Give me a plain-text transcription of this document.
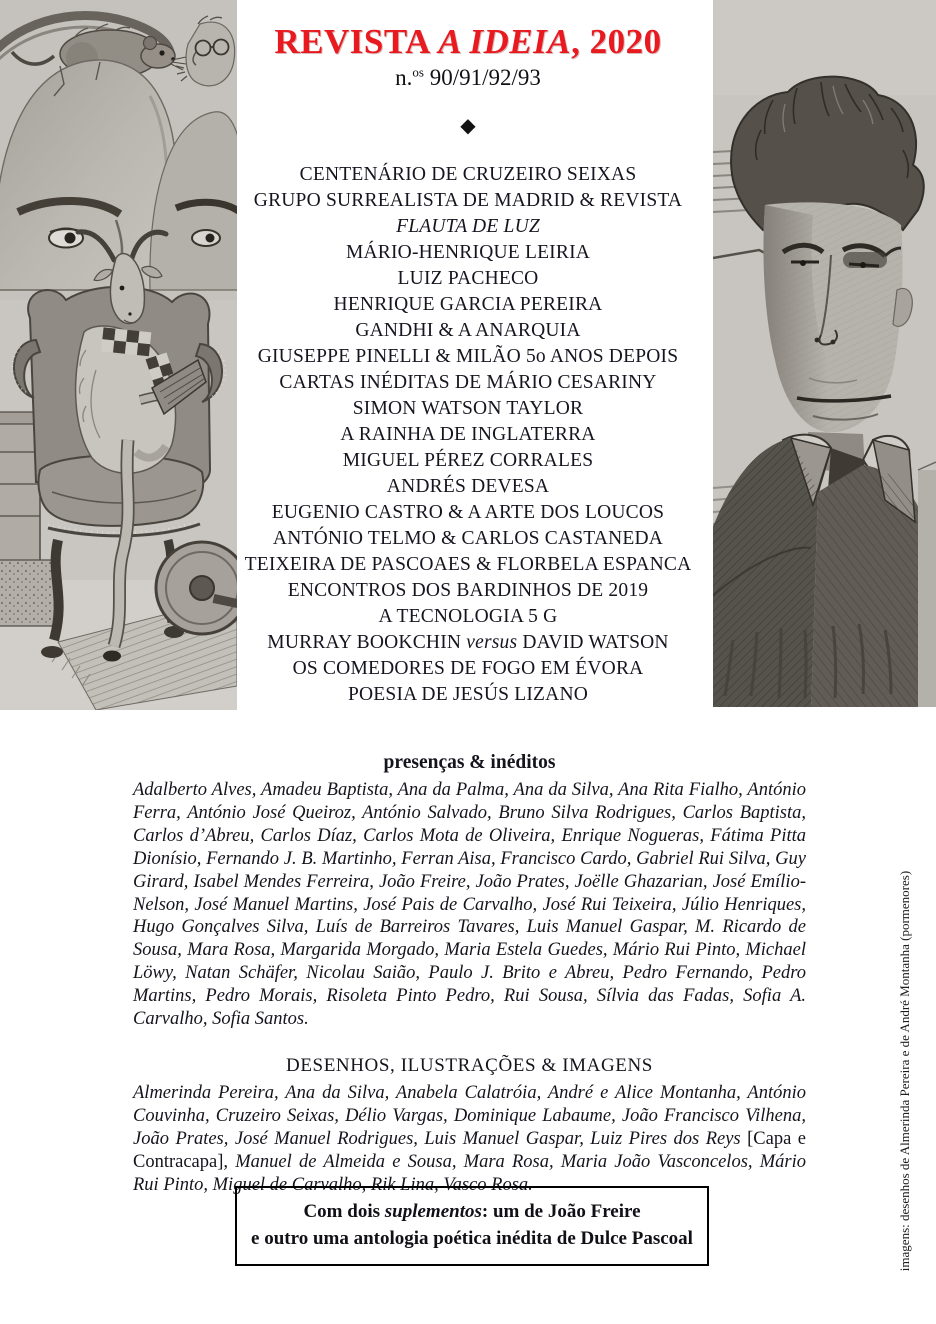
REVISTA A IDEIA, 2020
n.$^{os}$ 90/91/92/93
◆
CENTENÁRIO DE CRUZEIRO SEIXAS
GRUPO SURREALISTA DE MADRID & REVISTA
FLAUTA DE LUZ
MÁRIO-HENRIQUE LEIRIA
LUIZ PACHECO
HENRIQUE GARCIA PEREIRA
GANDHI & A ANARQUIA
GIUSEPPE PINELLI & MILÃO 5o ANOS DEPOIS
CARTAS INÉDITAS DE MÁRIO CESARINY
SIMON WATSON TAYLOR
A RAINHA DE INGLATERRA
MIGUEL PÉREZ CORRALES
ANDRÉS DEVESA
EUGENIO CASTRO & A ARTE DOS LOUCOS
ANTÓNIO TELMO & CARLOS CASTANEDA
TEIXEIRA DE PASCOAES & FLORBELA ESPANCA
ENCONTROS DOS BARDINHOS DE 2019
A TECNOLOGIA 5 G
MURRAY BOOKCHIN versus DAVID WATSON
OS COMEDORES DE FOGO EM ÉVORA
POESIA DE JESÚS LIZANO
presenças & inéditos

Adalberto Alves, Amadeu Baptista, Ana da Palma, Ana da Silva, Ana Rita Fialho, António Ferra, António José Queiroz, António Salvado, Bruno Silva Rodrigues, Carlos Baptista, Carlos d’Abreu, Carlos Díaz, Carlos Mota de Oliveira, Enrique Nogueras, Fátima Pitta Dionísio, Fernando J. B. Martinho, Ferran Aisa, Francisco Cardo, Gabriel Rui Silva, Guy Girard, Isabel Mendes Ferreira, João Freire, João Prates, Joëlle Ghazarian, José Emílio-Nelson, José Manuel Martins, José Pais de Carvalho, José Rui Teixeira, Júlio Henriques, Hugo Gonçalves Silva, Luís de Barreiros Tavares, Luis Manuel Gaspar, M. Ricardo de Sousa, Mara Rosa, Margarida Morgado, Maria Estela Guedes, Mário Rui Pinto, Michael Löwy, Natan Schäfer, Nicolau Saião, Paulo J. Brito e Abreu, Pedro Fernando, Pedro Martins, Pedro Morais, Risoleta Pinto Pedro, Rui Sousa, Sílvia das Fadas, Sofia A. Carvalho, Sofia Santos.

DESENHOS, ILUSTRAÇÕES & IMAGENS

Almerinda Pereira, Ana da Silva, Anabela Calatróia, André e Alice Montanha, António Couvinha, Cruzeiro Seixas, Délio Vargas, Dominique Labaume, João Francisco Vilhena, João Prates, José Manuel Rodrigues, Luis Manuel Gaspar, Luiz Pires dos Reys [Capa e Contracapa], Manuel de Almeida e Sousa, Mara Rosa, Maria João Vasconcelos, Mário Rui Pinto, Miguel de Carvalho, Rik Lina, Vasco Rosa.

Com dois suplementos: um de João Freire
e outro uma antologia poética inédita de Dulce Pascoal	imagens: desenhos de Almerinda Pereira e de André Montanha (pormenores)
